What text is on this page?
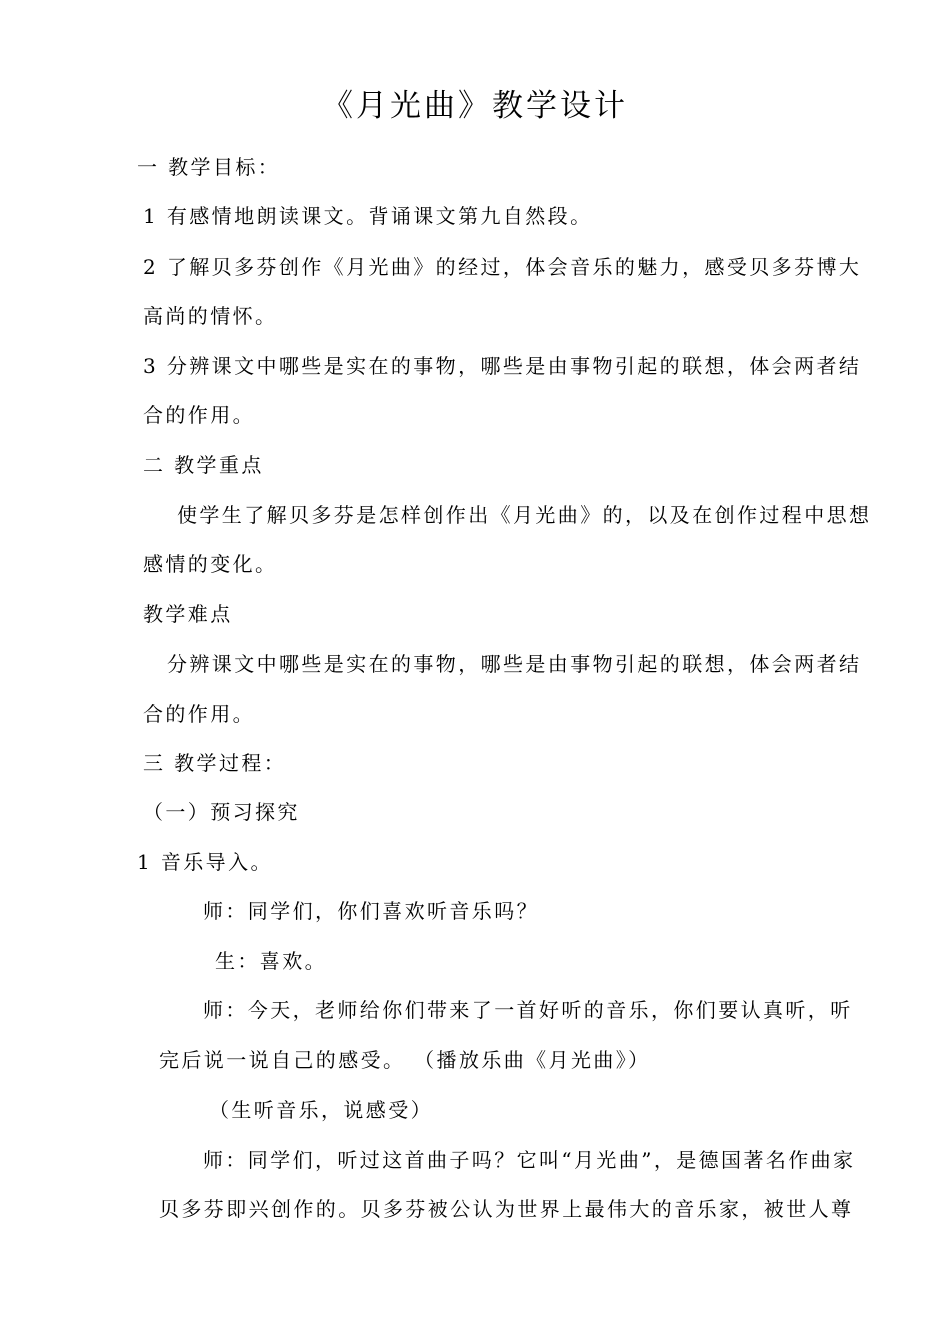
《月光曲》教学设计
一 教学目标：
1 有感情地朗读课文。背诵课文第九自然段。
2 了解贝多芬创作《月光曲》的经过，体会音乐的魅力，感受贝多芬博大
高尚的情怀。
3 分辨课文中哪些是实在的事物，哪些是由事物引起的联想，体会两者结
合的作用。
二 教学重点
使学生了解贝多芬是怎样创作出《月光曲》的，以及在创作过程中思想
感情的变化。
教学难点
分辨课文中哪些是实在的事物，哪些是由事物引起的联想，体会两者结
合的作用。
三 教学过程：
（一）预习探究
1 音乐导入。
师：同学们，你们喜欢听音乐吗？
生：喜欢。
师：今天，老师给你们带来了一首好听的音乐，你们要认真听，听
完后说一说自己的感受。 （播放乐曲《月光曲》）
（生听音乐，说感受）
师：同学们，听过这首曲子吗？它叫“月光曲”，是德国著名作曲家
贝多芬即兴创作的。贝多芬被公认为世界上最伟大的音乐家，被世人尊
